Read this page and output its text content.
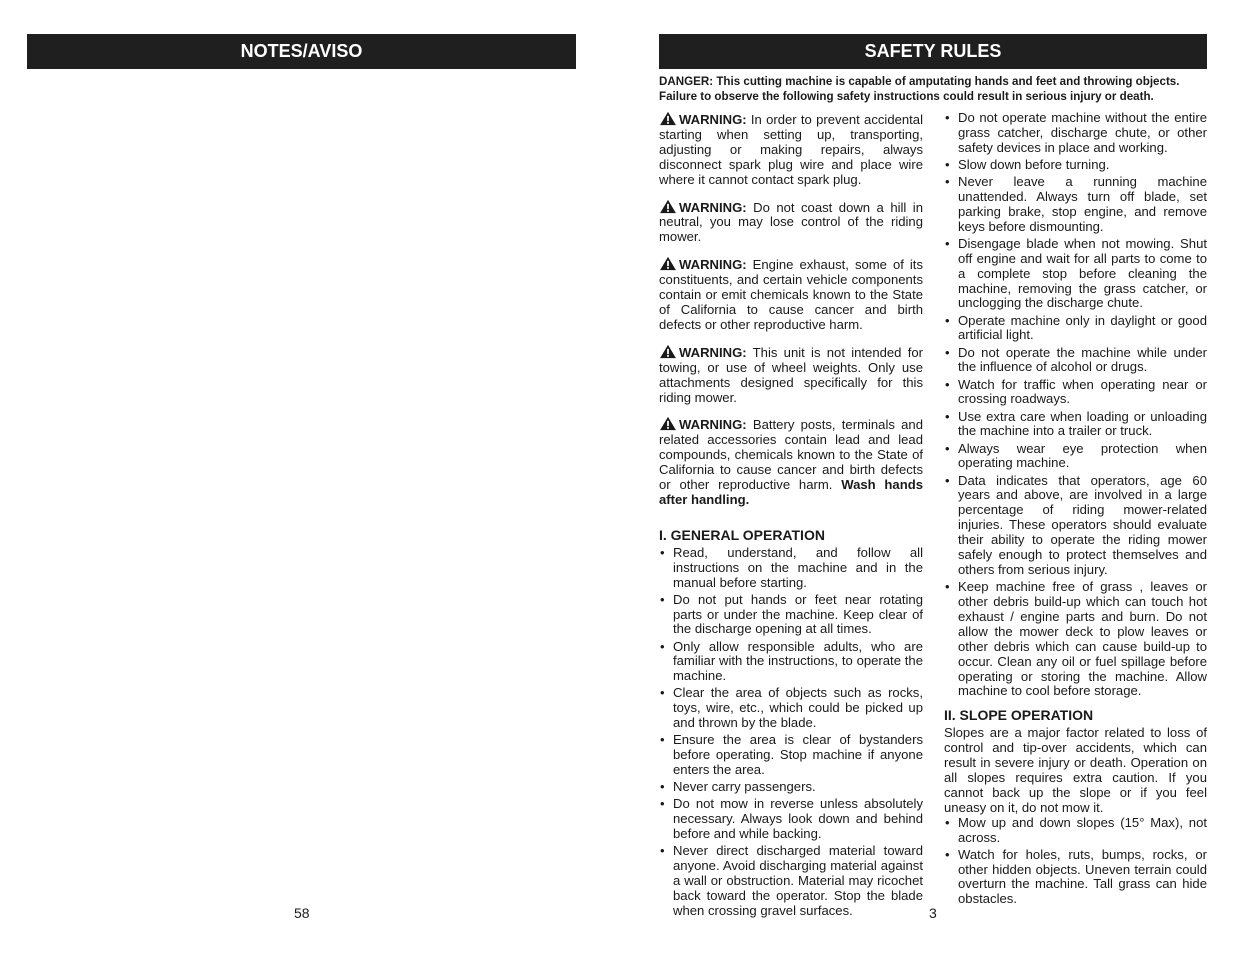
NOTES/AVISO
58
SAFETY RULES
DANGER: This cutting machine is capable of amputating hands and feet and throwing objects. Failure to observe the following safety instructions could result in serious injury or death.

WARNING: In order to prevent accidental starting when setting up, transporting, adjusting or making repairs, always disconnect spark plug wire and place wire where it cannot contact spark plug.

WARNING: Do not coast down a hill in neutral, you may lose control of the riding mower.

WARNING: Engine exhaust, some of its constituents, and certain vehicle components contain or emit chemicals known to the State of California to cause cancer and birth defects or other reproductive harm.

WARNING: This unit is not intended for towing, or use of wheel weights. Only use attachments designed specifically for this riding mower.

WARNING: Battery posts, terminals and related accessories contain lead and lead compounds, chemicals known to the State of California to cause cancer and birth defects or other reproductive harm. Wash hands after handling.

I. GENERAL OPERATION
• Read, understand, and follow all instructions on the machine and in the manual before starting.
• Do not put hands or feet near rotating parts or under the machine. Keep clear of the discharge opening at all times.
• Only allow responsible adults, who are familiar with the instructions, to operate the machine.
• Clear the area of objects such as rocks, toys, wire, etc., which could be picked up and thrown by the blade.
• Ensure the area is clear of bystanders before operating. Stop machine if anyone enters the area.
• Never carry passengers.
• Do not mow in reverse unless absolutely necessary. Always look down and behind before and while backing.
• Never direct discharged material toward anyone. Avoid discharging material against a wall or obstruction. Material may ricochet back toward the operator. Stop the blade when crossing gravel surfaces.
• Do not operate machine without the entire grass catcher, discharge chute, or other safety devices in place and working.
• Slow down before turning.
• Never leave a running machine unattended. Always turn off blade, set parking brake, stop engine, and remove keys before dismounting.
• Disengage blade when not mowing. Shut off engine and wait for all parts to come to a complete stop before cleaning the machine, removing the grass catcher, or unclogging the discharge chute.
• Operate machine only in daylight or good artificial light.
• Do not operate the machine while under the influence of alcohol or drugs.
• Watch for traffic when operating near or crossing roadways.
• Use extra care when loading or unloading the machine into a trailer or truck.
• Always wear eye protection when operating machine.
• Data indicates that operators, age 60 years and above, are involved in a large percentage of riding mower-related injuries. These operators should evaluate their ability to operate the riding mower safely enough to protect themselves and others from serious injury.
• Keep machine free of grass , leaves or other debris build-up which can touch hot exhaust / engine parts and burn. Do not allow the mower deck to plow leaves or other debris which can cause build-up to occur. Clean any oil or fuel spillage before operating or storing the machine. Allow machine to cool before storage.
II. SLOPE OPERATION

Slopes are a major factor related to loss of control and tip-over accidents, which can result in severe injury or death. Operation on all slopes requires extra caution. If you cannot back up the slope or if you feel uneasy on it, do not mow it.

• Mow up and down slopes (15° Max), not across.
• Watch for holes, ruts, bumps, rocks, or other hidden objects. Uneven terrain could overturn the machine. Tall grass can hide obstacles.
3
